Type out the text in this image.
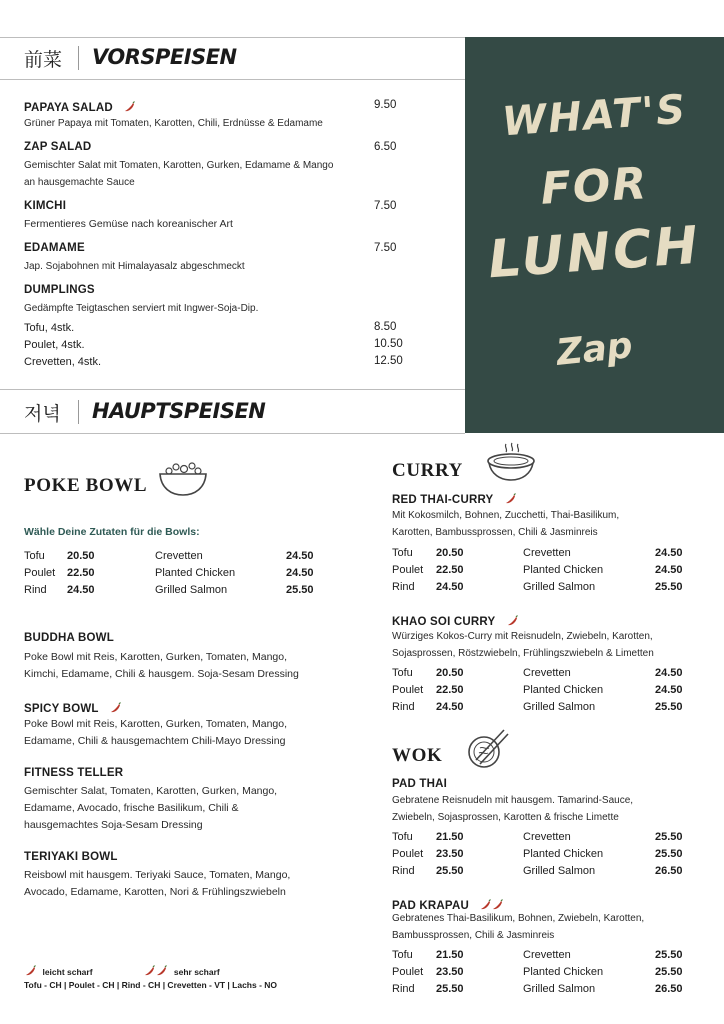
前菜 VORSPEISEN
PAPAYA SALAD	9.50
Grüner Papaya mit Tomaten, Karotten, Chili, Erdnüsse & Edamame
ZAP SALAD	6.50
Gemischter Salat mit Tomaten, Karotten, Gurken, Edamame & Mango
an hausgemachte Sauce
KIMCHI	7.50
Fermentieres Gemüse nach koreanischer Art
EDAMAME	7.50
Jap. Sojabohnen mit Himalayasalz abgeschmeckt
DUMPLINGS
Gedämpfte Teigtaschen serviert mit Ingwer-Soja-Dip.
Tofu, 4stk.	8.50
Poulet, 4stk.	10.50
Crevetten, 4stk.	12.50
WHAT'S
FOR
LUNCH
Zap
저녁 HAUPTSPEISEN
POKE BOWL
Wähle Deine Zutaten für die Bowls:
Tofu 20.50	Crevetten	24.50
Poulet 22.50	Planted Chicken	24.50
Rind 24.50	Grilled Salmon	25.50
BUDDHA BOWL
Poke Bowl mit Reis, Karotten, Gurken, Tomaten, Mango,
Kimchi, Edamame, Chili & hausgem. Soja-Sesam Dressing
SPICY BOWL
Poke Bowl mit Reis, Karotten, Gurken, Tomaten, Mango,
Edamame, Chili & hausgemachtem Chili-Mayo Dressing
FITNESS TELLER
Gemischter Salat, Tomaten, Karotten, Gurken, Mango,
Edamame, Avocado, frische Basilikum, Chili &
hausgemachtes Soja-Sesam Dressing
TERIYAKI BOWL
Reisbowl mit hausgem. Teriyaki Sauce, Tomaten, Mango,
Avocado, Edamame, Karotten, Nori & Frühlingszwiebeln
leicht scharf	sehr scharf
Tofu - CH | Poulet - CH | Rind - CH | Crevetten - VT | Lachs - NO
CURRY
RED THAI-CURRY
Mit Kokosmilch, Bohnen, Zucchetti, Thai-Basilikum,
Karotten, Bambussprossen, Chili & Jasminreis
Tofu 20.50	Crevetten	24.50
Poulet 22.50	Planted Chicken	24.50
Rind 24.50	Grilled Salmon	25.50
KHAO SOI CURRY
Würziges Kokos-Curry mit Reisnudeln, Zwiebeln, Karotten,
Sojasprossen, Röstzwiebeln, Frühlingszwiebeln & Limetten
Tofu 20.50	Crevetten	24.50
Poulet 22.50	Planted Chicken	24.50
Rind 24.50	Grilled Salmon	25.50
WOK
PAD THAI
Gebratene Reisnudeln mit hausgem. Tamarind-Sauce,
Zwiebeln, Sojasprossen, Karotten & frische Limette
Tofu 21.50	Crevetten	25.50
Poulet 23.50	Planted Chicken	25.50
Rind 25.50	Grilled Salmon	26.50
PAD KRAPAU
Gebratenes Thai-Basilikum, Bohnen, Zwiebeln, Karotten,
Bambussprossen, Chili & Jasminreis
Tofu 21.50	Crevetten	25.50
Poulet 23.50	Planted Chicken	25.50
Rind 25.50	Grilled Salmon	26.50
